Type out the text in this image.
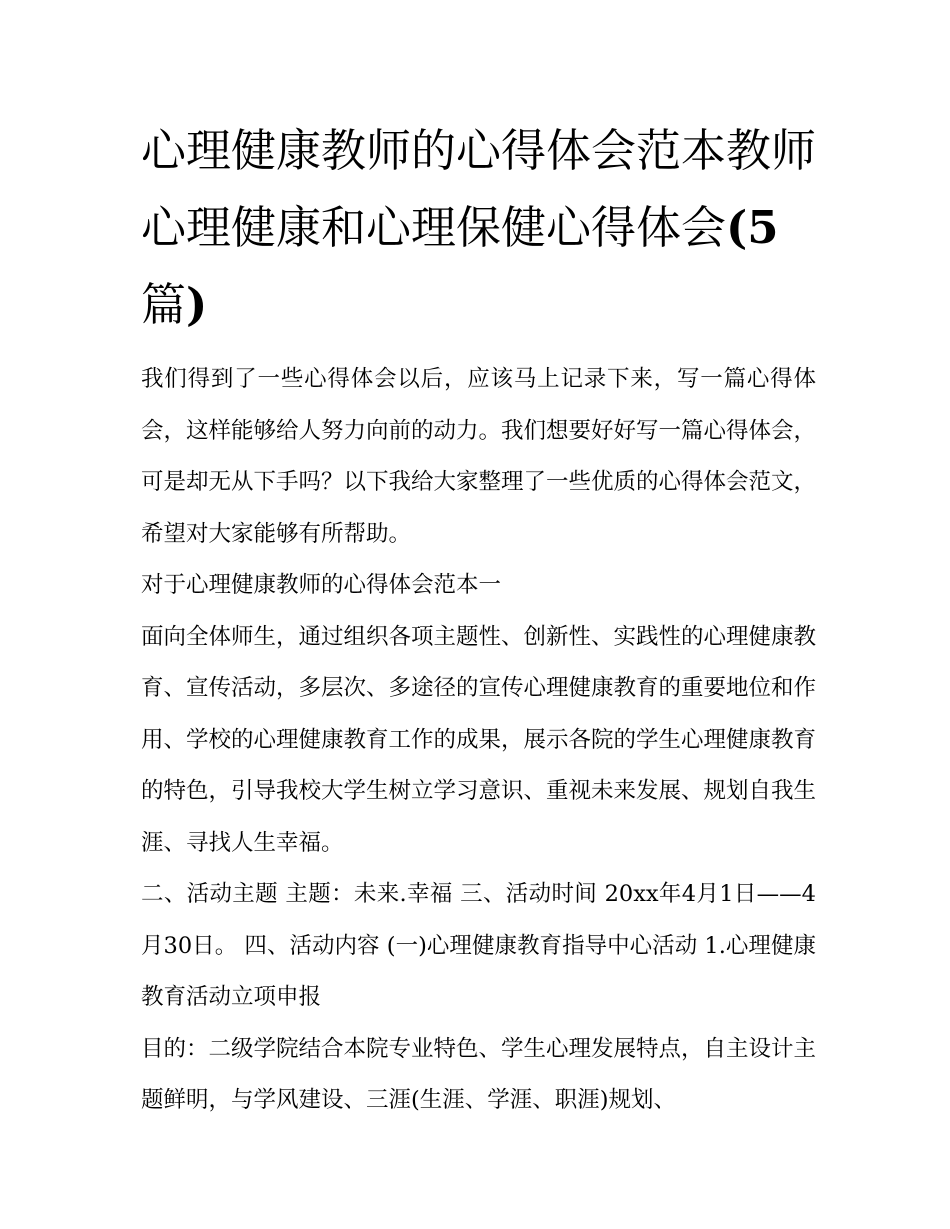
心理健康教师的心得体会范本教师心理健康和心理保健心得体会(5篇)

我们得到了一些心得体会以后，应该马上记录下来，写一篇心得体会，这样能够给人努力向前的动力。我们想要好好写一篇心得体会，可是却无从下手吗？以下我给大家整理了一些优质的心得体会范文，希望对大家能够有所帮助。

对于心理健康教师的心得体会范本一

面向全体师生，通过组织各项主题性、创新性、实践性的心理健康教育、宣传活动，多层次、多途径的宣传心理健康教育的重要地位和作用、学校的心理健康教育工作的成果，展示各院的学生心理健康教育的特色，引导我校大学生树立学习意识、重视未来发展、规划自我生涯、寻找人生幸福。

二、活动主题 主题：未来.幸福 三、活动时间 20xx年4月1日——4月30日。 四、活动内容 (一)心理健康教育指导中心活动 1.心理健康教育活动立项申报

目的：二级学院结合本院专业特色、学生心理发展特点，自主设计主题鲜明，与学风建设、三涯(生涯、学涯、职涯)规划、
